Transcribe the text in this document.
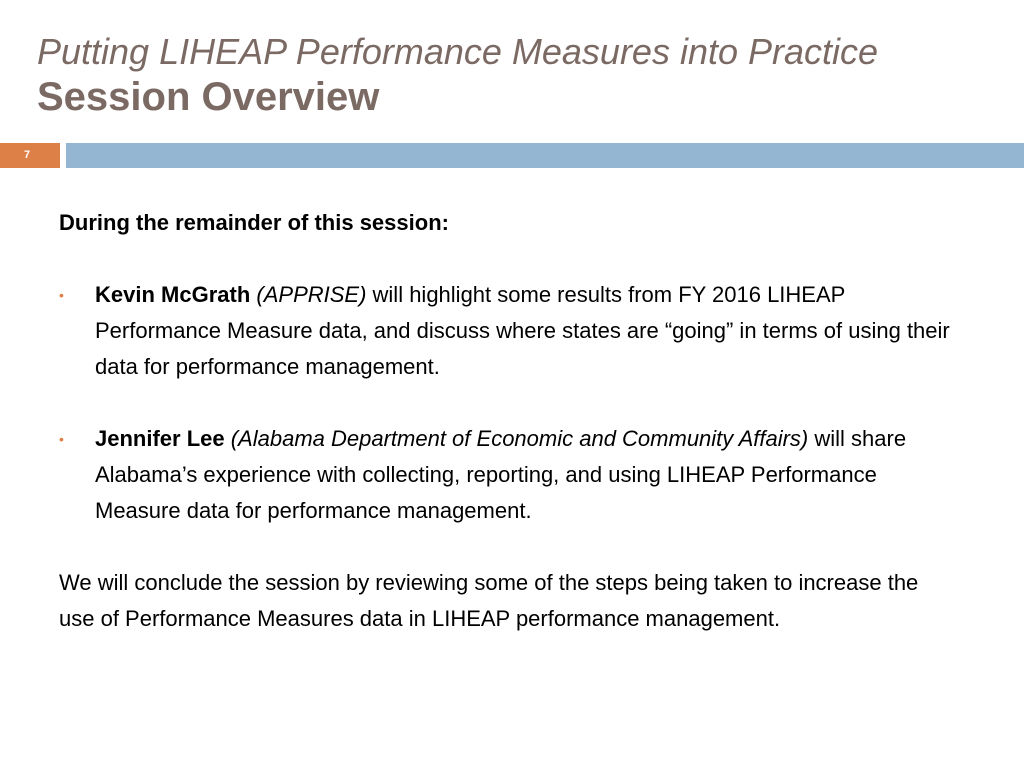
Putting LIHEAP Performance Measures into Practice
Session Overview
7
During the remainder of this session:
• Kevin McGrath (APPRISE) will highlight some results from FY 2016 LIHEAP Performance Measure data, and discuss where states are “going” in terms of using their data for performance management.
• Jennifer Lee (Alabama Department of Economic and Community Affairs) will share Alabama’s experience with collecting, reporting, and using LIHEAP Performance Measure data for performance management.
We will conclude the session by reviewing some of the steps being taken to increase the use of Performance Measures data in LIHEAP performance management.
